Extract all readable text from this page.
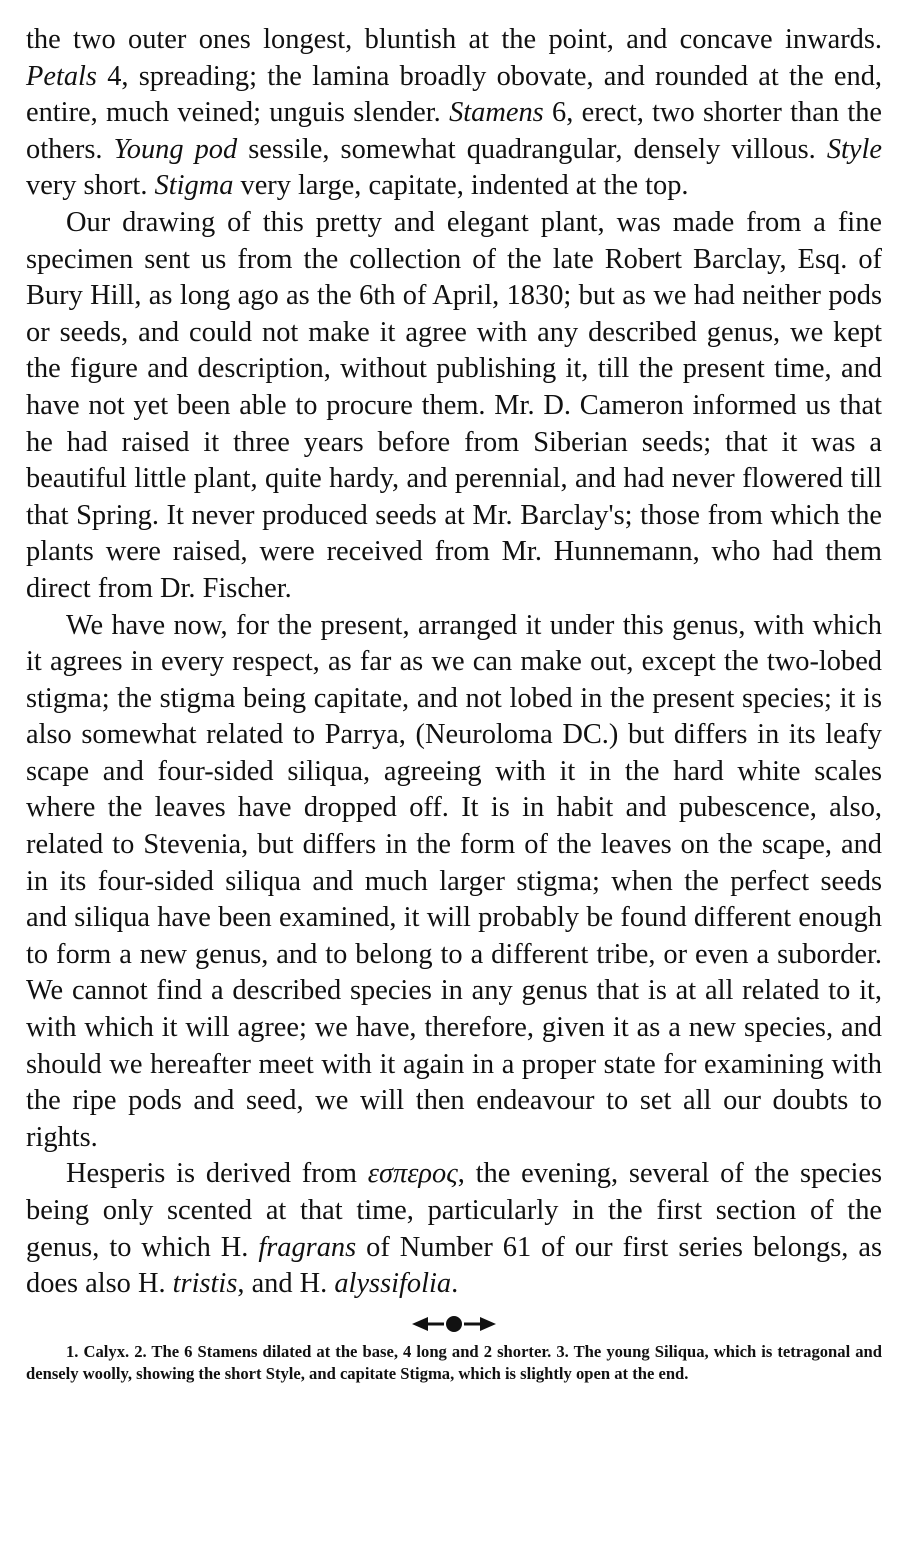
the two outer ones longest, bluntish at the point, and concave inwards. Petals 4, spreading; the lamina broadly obovate, and rounded at the end, entire, much veined; unguis slender. Stamens 6, erect, two shorter than the others. Young pod sessile, somewhat quadrangular, densely villous. Style very short. Stigma very large, capitate, indented at the top.

Our drawing of this pretty and elegant plant, was made from a fine specimen sent us from the collection of the late Robert Barclay, Esq. of Bury Hill, as long ago as the 6th of April, 1830; but as we had neither pods or seeds, and could not make it agree with any described genus, we kept the figure and description, without publishing it, till the present time, and have not yet been able to procure them. Mr. D. Cameron informed us that he had raised it three years before from Siberian seeds; that it was a beautiful little plant, quite hardy, and perennial, and had never flowered till that Spring. It never produced seeds at Mr. Barclay's; those from which the plants were raised, were received from Mr. Hunnemann, who had them direct from Dr. Fischer.

We have now, for the present, arranged it under this genus, with which it agrees in every respect, as far as we can make out, except the two-lobed stigma; the stigma being capitate, and not lobed in the present species; it is also somewhat related to Parrya, (Neuroloma DC.) but differs in its leafy scape and four-sided siliqua, agreeing with it in the hard white scales where the leaves have dropped off. It is in habit and pubescence, also, related to Stevenia, but differs in the form of the leaves on the scape, and in its four-sided siliqua and much larger stigma; when the perfect seeds and siliqua have been examined, it will probably be found different enough to form a new genus, and to belong to a different tribe, or even a suborder. We cannot find a described species in any genus that is at all related to it, with which it will agree; we have, therefore, given it as a new species, and should we hereafter meet with it again in a proper state for examining with the ripe pods and seed, we will then endeavour to set all our doubts to rights.

Hesperis is derived from εσπερος, the evening, several of the species being only scented at that time, particularly in the first section of the genus, to which H. fragrans of Number 61 of our first series belongs, as does also H. tristis, and H. alyssifolia.

1. Calyx. 2. The 6 Stamens dilated at the base, 4 long and 2 shorter. 3. The young Siliqua, which is tetragonal and densely woolly, showing the short Style, and capitate Stigma, which is slightly open at the end.
